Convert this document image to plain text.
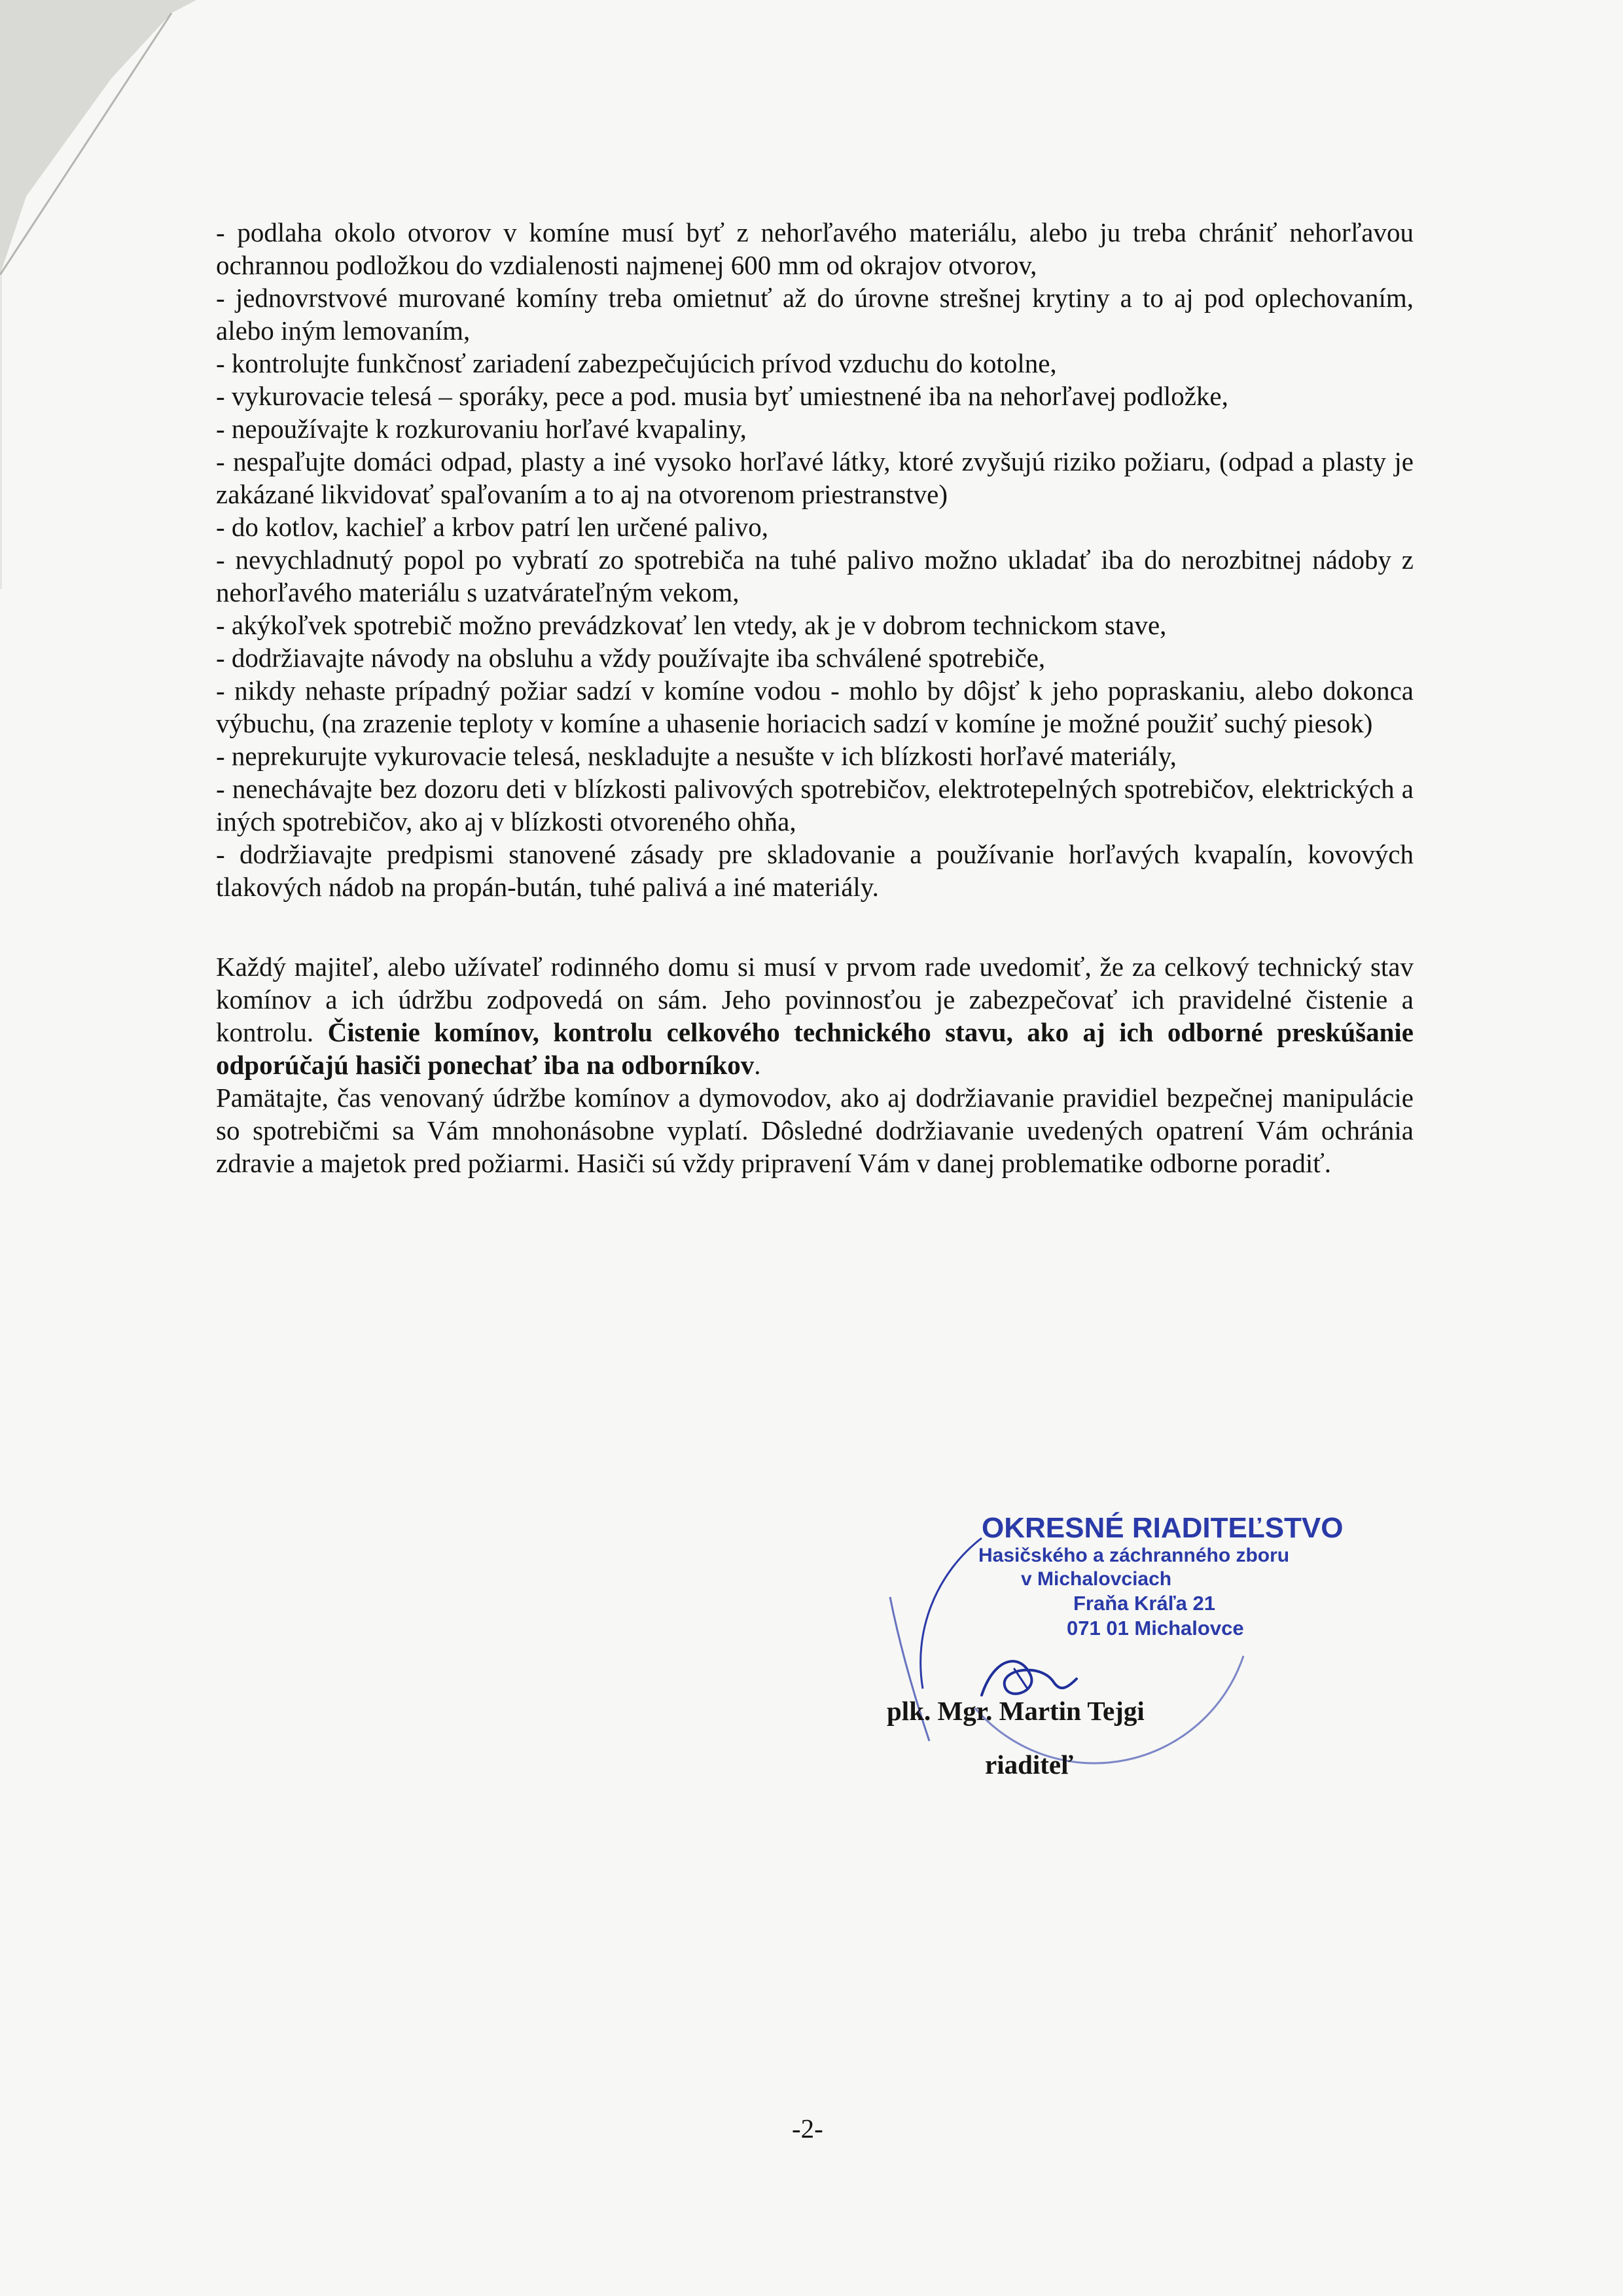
- podlaha okolo otvorov v komíne musí byť z nehorľavého materiálu, alebo ju treba chrániť nehorľavou ochrannou podložkou do vzdialenosti najmenej 600 mm od okrajov otvorov,

- jednovrstvové murované komíny treba omietnuť až do úrovne strešnej krytiny a to aj pod oplechovaním, alebo iným lemovaním,

- kontrolujte funkčnosť zariadení zabezpečujúcich prívod vzduchu do kotolne,

- vykurovacie telesá – sporáky, pece a pod. musia byť umiestnené iba na nehorľavej podložke,

- nepoužívajte k rozkurovaniu horľavé kvapaliny,

- nespaľujte domáci odpad, plasty a iné vysoko horľavé látky, ktoré zvyšujú riziko požiaru, (odpad a plasty je zakázané likvidovať spaľovaním a to aj na otvorenom priestranstve)

- do kotlov, kachieľ a krbov patrí len určené palivo,

- nevychladnutý popol po vybratí zo spotrebiča na tuhé palivo možno ukladať iba do nerozbitnej nádoby z nehorľavého materiálu s uzatvárateľným vekom,

- akýkoľvek spotrebič možno prevádzkovať len vtedy, ak je v dobrom technickom stave,

- dodržiavajte návody na obsluhu a vždy používajte iba schválené spotrebiče,

- nikdy nehaste prípadný požiar sadzí v komíne vodou - mohlo by dôjsť k jeho popraskaniu, alebo dokonca výbuchu, (na zrazenie teploty v komíne a uhasenie horiacich sadzí v komíne je možné použiť suchý piesok)

- neprekurujte vykurovacie telesá, neskladujte a nesušte v ich blízkosti horľavé materiály,

- nenechávajte bez dozoru deti v blízkosti palivových spotrebičov, elektrotepelných spotrebičov, elektrických a iných spotrebičov, ako aj v blízkosti otvoreného ohňa,

- dodržiavajte predpismi stanovené zásady pre skladovanie a používanie horľavých kvapalín, kovových tlakových nádob na propán-bután, tuhé palivá a iné materiály.

Každý majiteľ, alebo užívateľ rodinného domu si musí v prvom rade uvedomiť, že za celkový technický stav komínov a ich údržbu zodpovedá on sám. Jeho povinnosťou je zabezpečovať ich pravidelné čistenie a kontrolu. Čistenie komínov, kontrolu celkového technického stavu, ako aj ich odborné preskúšanie odporúčajú hasiči ponechať iba na odborníkov.

Pamätajte, čas venovaný údržbe komínov a dymovodov, ako aj dodržiavanie pravidiel bezpečnej manipulácie so spotrebičmi sa Vám mnohonásobne vyplatí. Dôsledné dodržiavanie uvedených opatrení Vám ochránia zdravie a majetok pred požiarmi. Hasiči sú vždy pripravení Vám v danej problematike odborne poradiť.

OKRESNÉ RIADITEĽSTVO
Hasičského a záchranného zboru
v Michalovciach
Fraňa Kráľa 21
071 01 Michalovce
plk. Mgr. Martin Tejgi
riaditeľ
-2-
